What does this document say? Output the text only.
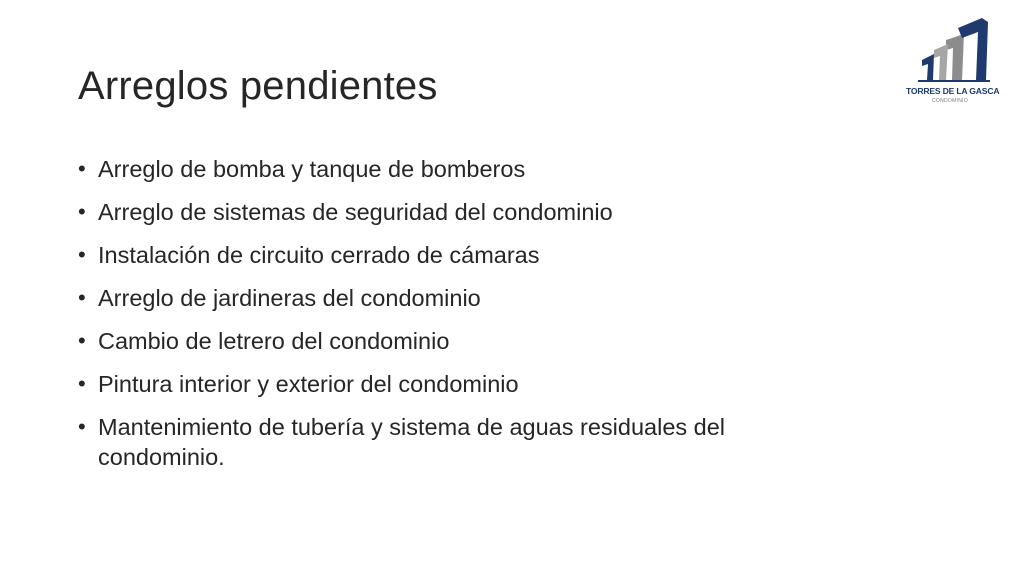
Arreglos pendientes
• Arreglo de bomba y tanque de bomberos
• Arreglo de sistemas de seguridad del condominio
• Instalación de circuito cerrado de cámaras
• Arreglo de jardineras del condominio
• Cambio de letrero del condominio
• Pintura interior y exterior del condominio
• Mantenimiento de tubería y sistema de aguas residuales del condominio.
TORRES DE LA GASCA
CONDOMINIO
